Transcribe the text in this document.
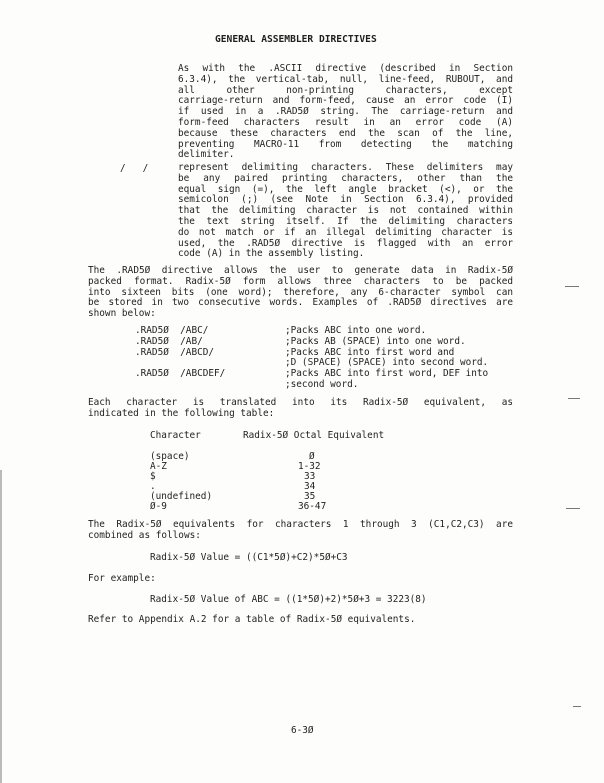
GENERAL ASSEMBLER DIRECTIVES
As with the .ASCII directive (described in Section
6.3.4), the vertical-tab, null, line-feed, RUBOUT, and
all other non-printing characters, except
carriage-return and form-feed, cause an error code (I)
if used in a .RAD5Ø string. The carriage-return and
form-feed characters result in an error code (A)
because these characters end the scan of the line,
preventing MACRO-11 from detecting the matching
delimiter.
/   /	represent delimiting characters. These delimiters may
be any paired printing characters, other than the
equal sign (=), the left angle bracket (<), or the
semicolon (;) (see Note in Section 6.3.4), provided
that the delimiting character is not contained within
the text string itself. If the delimiting characters
do not match or if an illegal delimiting character is
used, the .RAD5Ø directive is flagged with an error
code (A) in the assembly listing.
The .RAD5Ø directive allows the user to generate data in Radix-5Ø
packed format. Radix-5Ø form allows three characters to be packed
into sixteen bits (one word); therefore, any 6-character symbol can
be stored in two consecutive words. Examples of .RAD5Ø directives are
shown below:
.RAD5Ø  /ABC/	;Packs ABC into one word.
.RAD5Ø  /AB/	;Packs AB (SPACE) into one word.
.RAD5Ø  /ABCD/	;Packs ABC into first word and
;D (SPACE) (SPACE) into second word.
.RAD5Ø  /ABCDEF/	;Packs ABC into first word, DEF into
;second word.
Each character is translated into its Radix-5Ø equivalent, as
indicated in the following table:
Character	Radix-5Ø Octal Equivalent
(space)	Ø
A-Z	1-32
$	33
.	34
(undefined)	35
Ø-9	36-47
The Radix-5Ø equivalents for characters 1 through 3 (C1,C2,C3) are
combined as follows:
Radix-5Ø Value = ((C1*5Ø)+C2)*5Ø+C3
For example:
Radix-5Ø Value of ABC = ((1*5Ø)+2)*5Ø+3 = 3223(8)
Refer to Appendix A.2 for a table of Radix-5Ø equivalents.
6-3Ø
